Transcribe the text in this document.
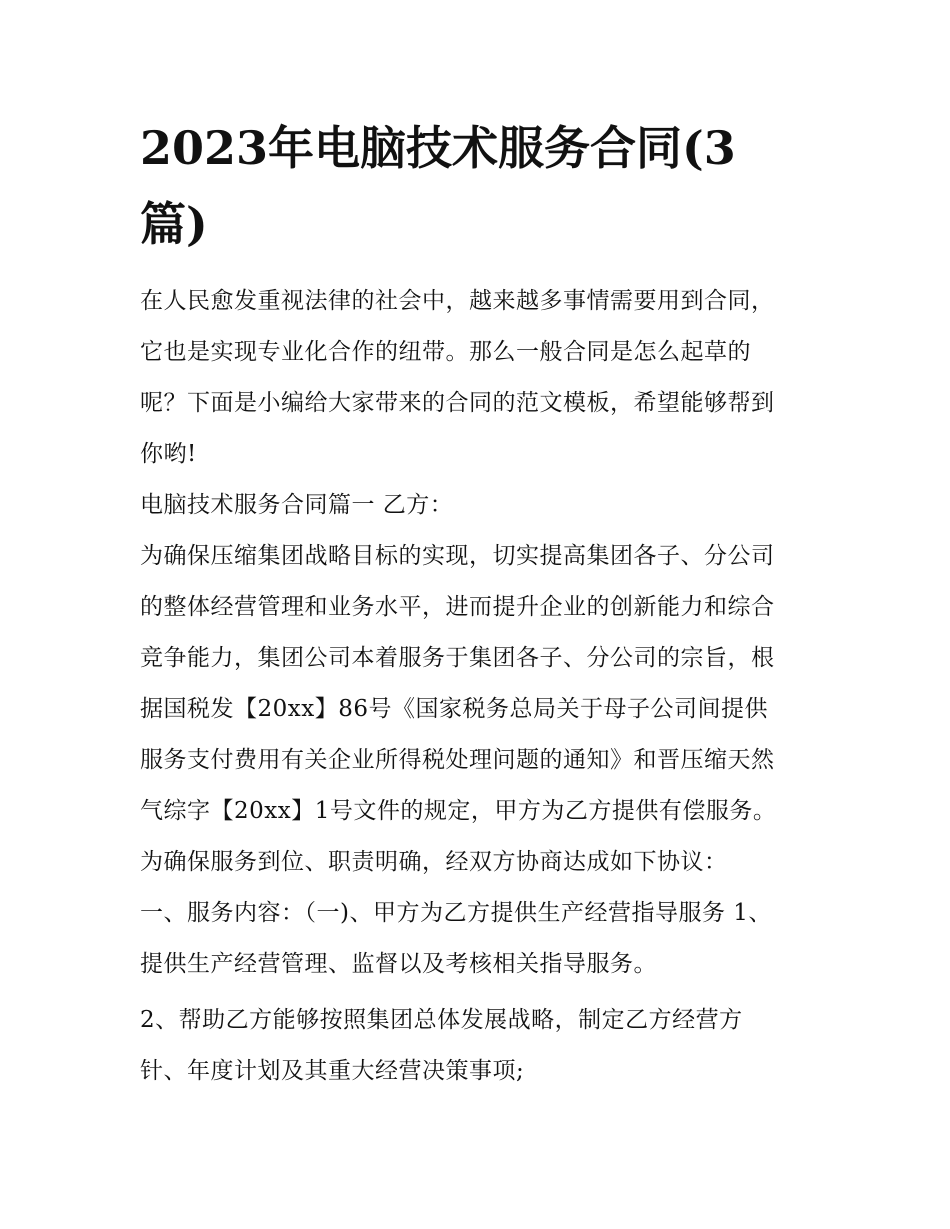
2023年电脑技术服务合同(3
篇)

在人民愈发重视法律的社会中，越来越多事情需要用到合同，
它也是实现专业化合作的纽带。那么一般合同是怎么起草的
呢？下面是小编给大家带来的合同的范文模板，希望能够帮到
你哟!

电脑技术服务合同篇一 乙方：

为确保压缩集团战略目标的实现，切实提高集团各子、分公司
的整体经营管理和业务水平，进而提升企业的创新能力和综合
竞争能力，集团公司本着服务于集团各子、分公司的宗旨，根
据国税发【20xx】86号《国家税务总局关于母子公司间提供
服务支付费用有关企业所得税处理问题的通知》和晋压缩天然
气综字【20xx】1号文件的规定，甲方为乙方提供有偿服务。
为确保服务到位、职责明确，经双方协商达成如下协议：
一、服务内容：（一)、甲方为乙方提供生产经营指导服务 1、
提供生产经营管理、监督以及考核相关指导服务。

2、帮助乙方能够按照集团总体发展战略，制定乙方经营方
针、年度计划及其重大经营决策事项;
